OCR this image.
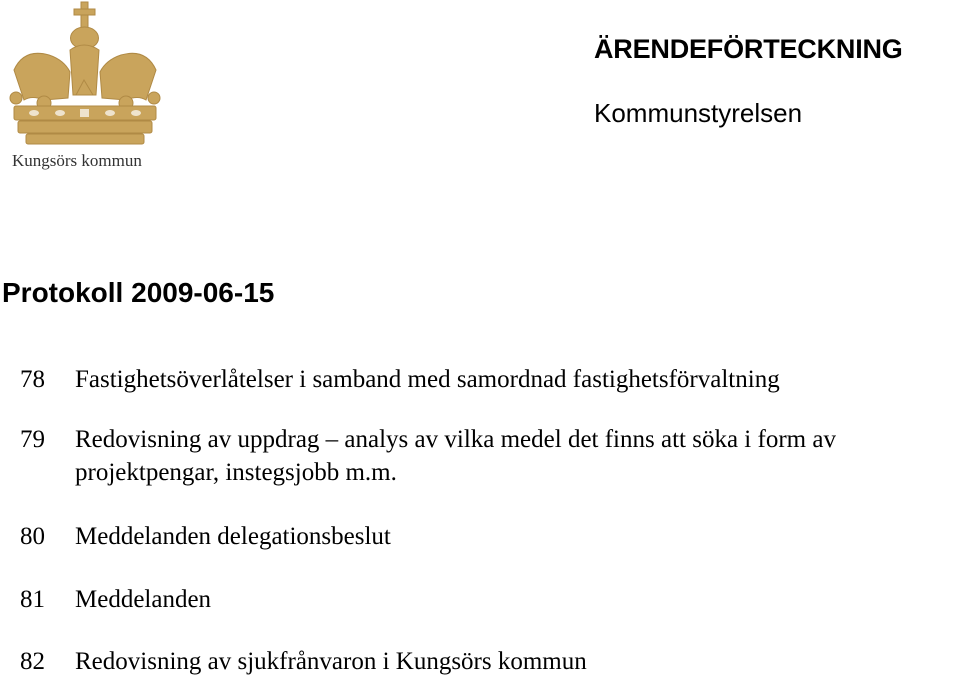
Kungsörs kommun
ÄRENDEFÖRTECKNING
Kommunstyrelsen
Protokoll 2009-06-15
78 Fastighetsöverlåtelser i samband med samordnad fastighetsförvaltning
79 Redovisning av uppdrag – analys av vilka medel det finns att söka i form av
projektpengar, instegsjobb m.m.
80 Meddelanden delegationsbeslut
81 Meddelanden
82 Redovisning av sjukfrånvaron i Kungsörs kommun
